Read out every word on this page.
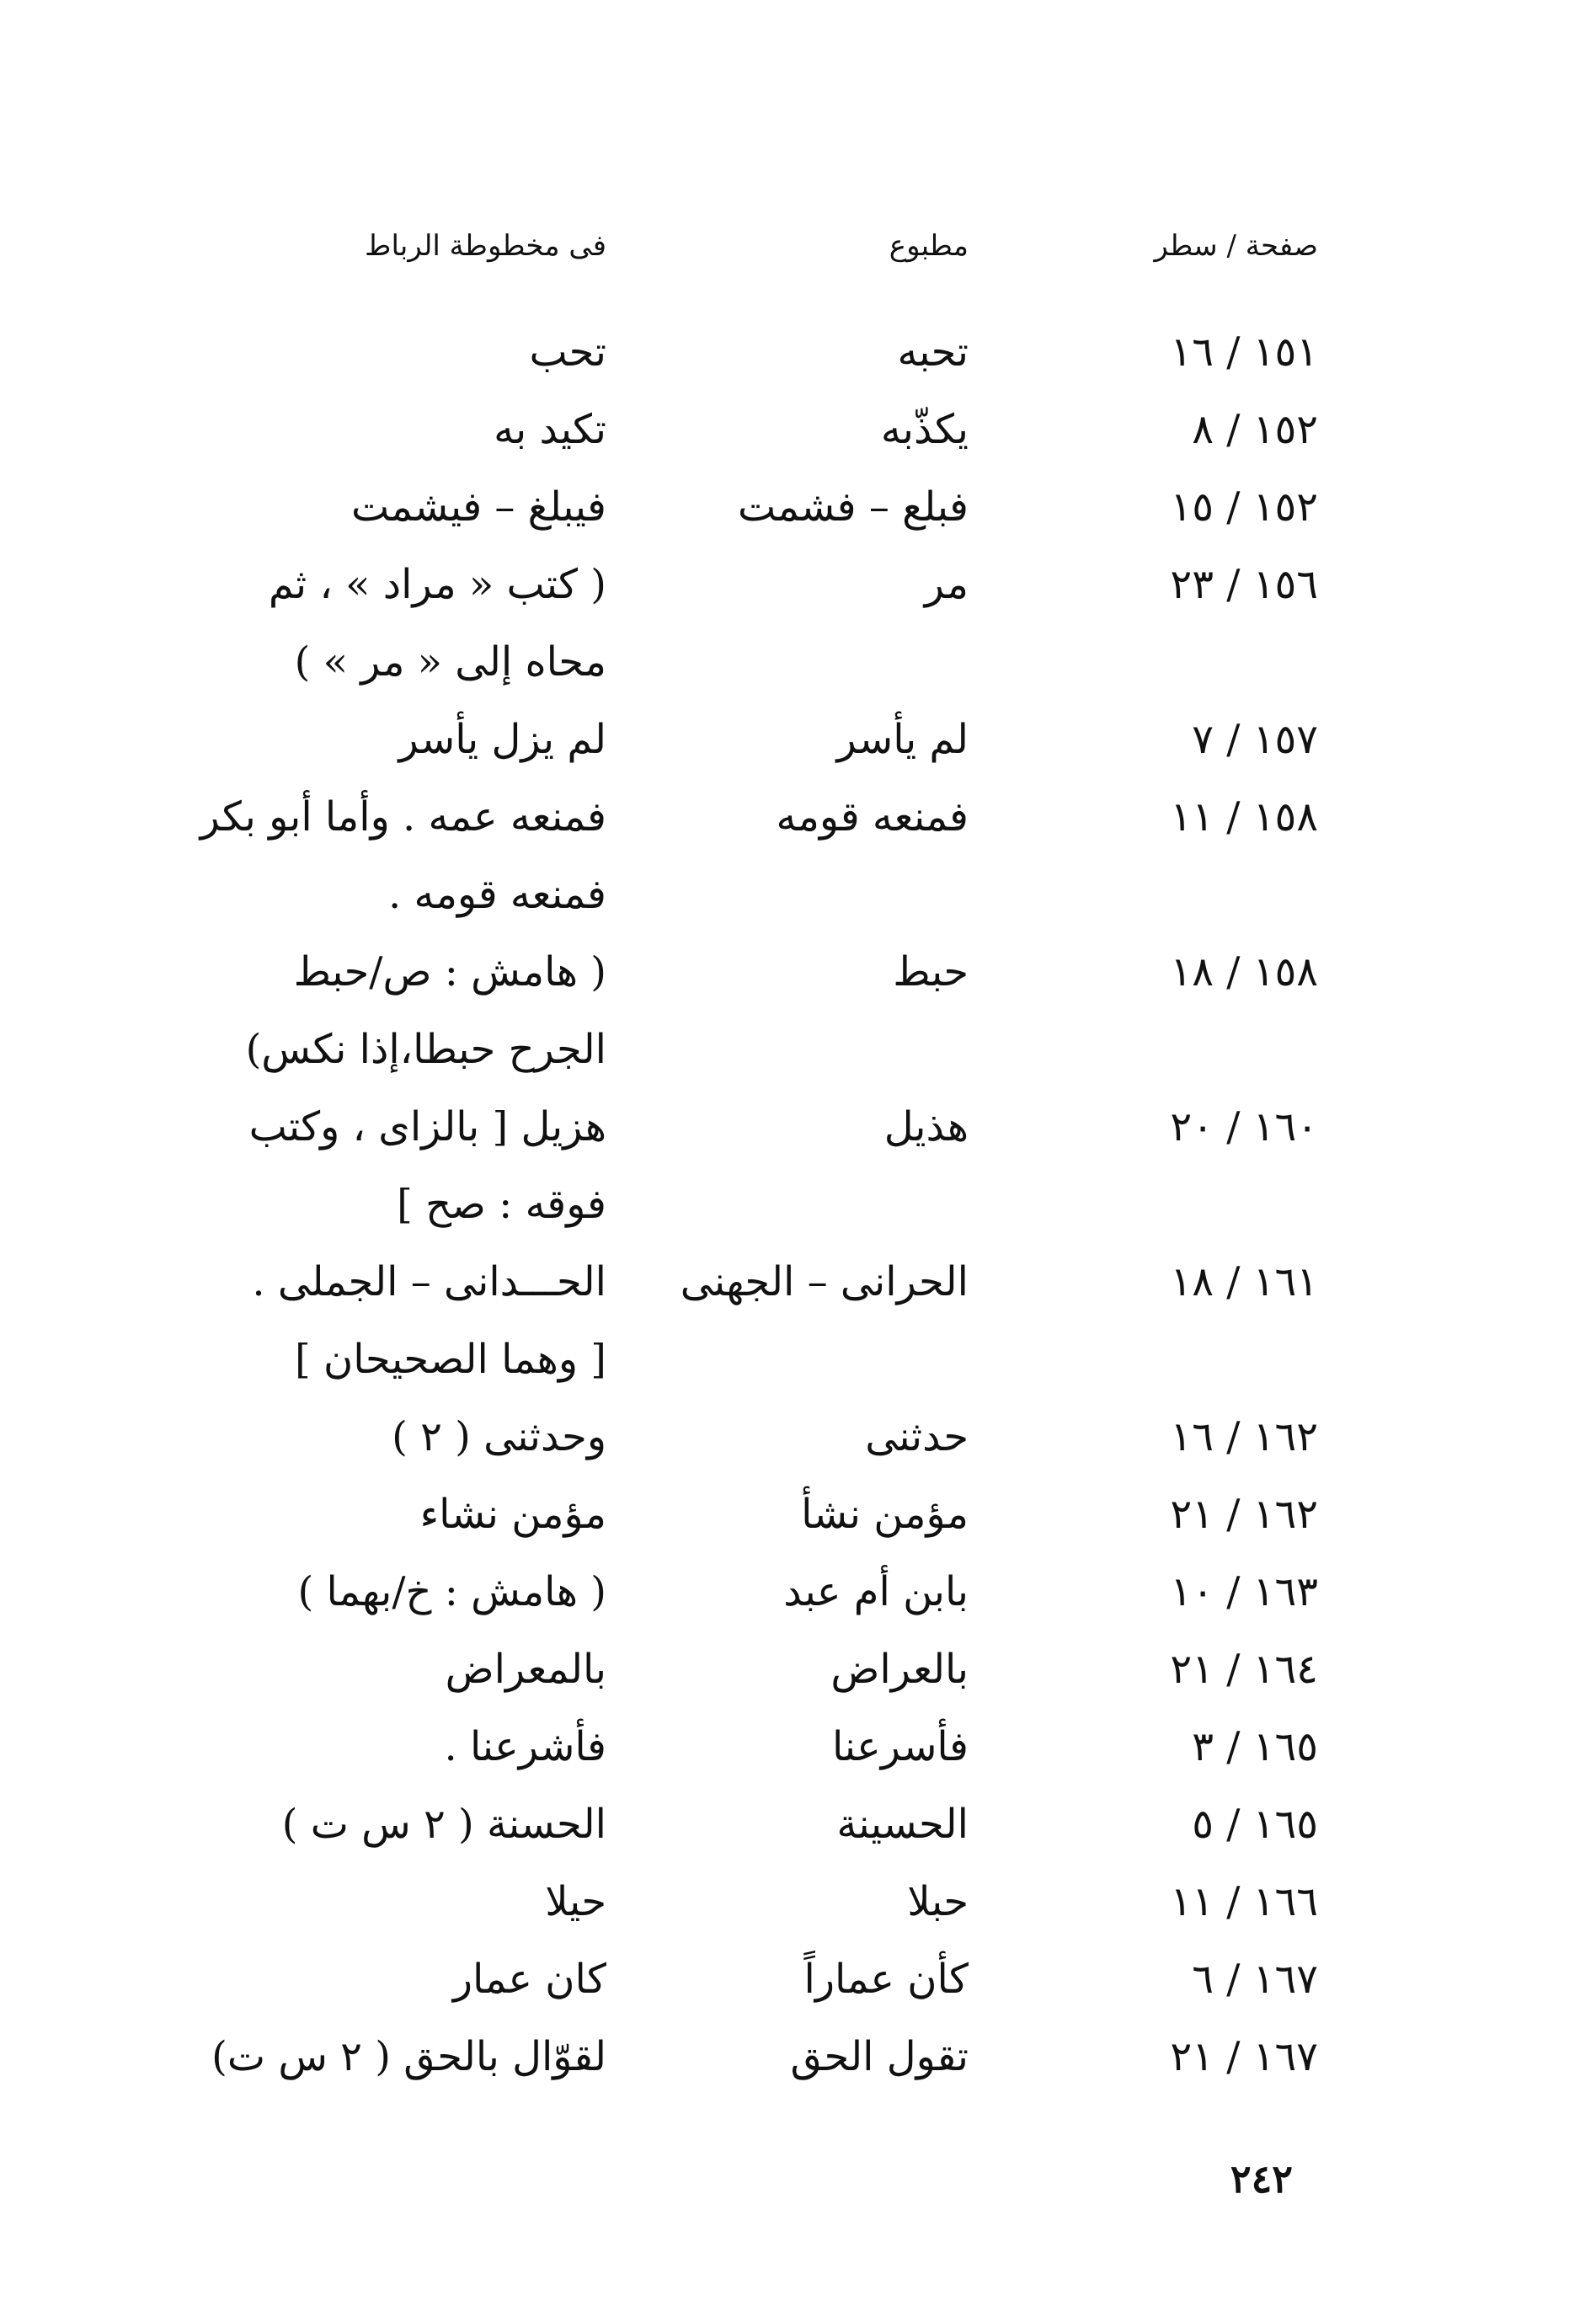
صفحة / سطر
مطبوع
فى مخطوطة الرباط
١٥١ / ١٦
تحبه
تحب
١٥٢ / ٨
يكذّبه
تكيد به
١٥٢ / ١٥
فبلع – فشمت
فيبلغ – فيشمت
١٥٦ / ٢٣
مر
( كتب « مراد » ، ثم
محاه إلى « مر » )
١٥٧ / ٧
لم يأسر
لم يزل يأسر
١٥٨ / ١١
فمنعه قومه
فمنعه عمه . وأما أبو بكر
فمنعه قومه .
١٥٨ / ١٨
حبط
( هامش : ص/حبط
الجرح حبطا،إذا نكس)
١٦٠ / ٢٠
هذيل
هزيل [ بالزاى ، وكتب
فوقه : صح ]
١٦١ / ١٨
الحرانى – الجهنى
الحـــدانى – الجملى .
[ وهما الصحيحان ]
١٦٢ / ١٦
حدثنى
وحدثنى ( ٢ )
١٦٢ / ٢١
مؤمن نشأ
مؤمن نشاء
١٦٣ / ١٠
بابن أم عبد
( هامش : خ/بهما )
١٦٤ / ٢١
بالعراض
بالمعراض
١٦٥ / ٣
فأسرعنا
فأشرعنا .
١٦٥ / ٥
الحسينة
الحسنة ( ٢ س ت )
١٦٦ / ١١
حبلا
حيلا
١٦٧ / ٦
كأن عماراً
كان عمار
١٦٧ / ٢١
تقول الحق
لقوّال بالحق ( ٢ س ت)
٢٤٢
